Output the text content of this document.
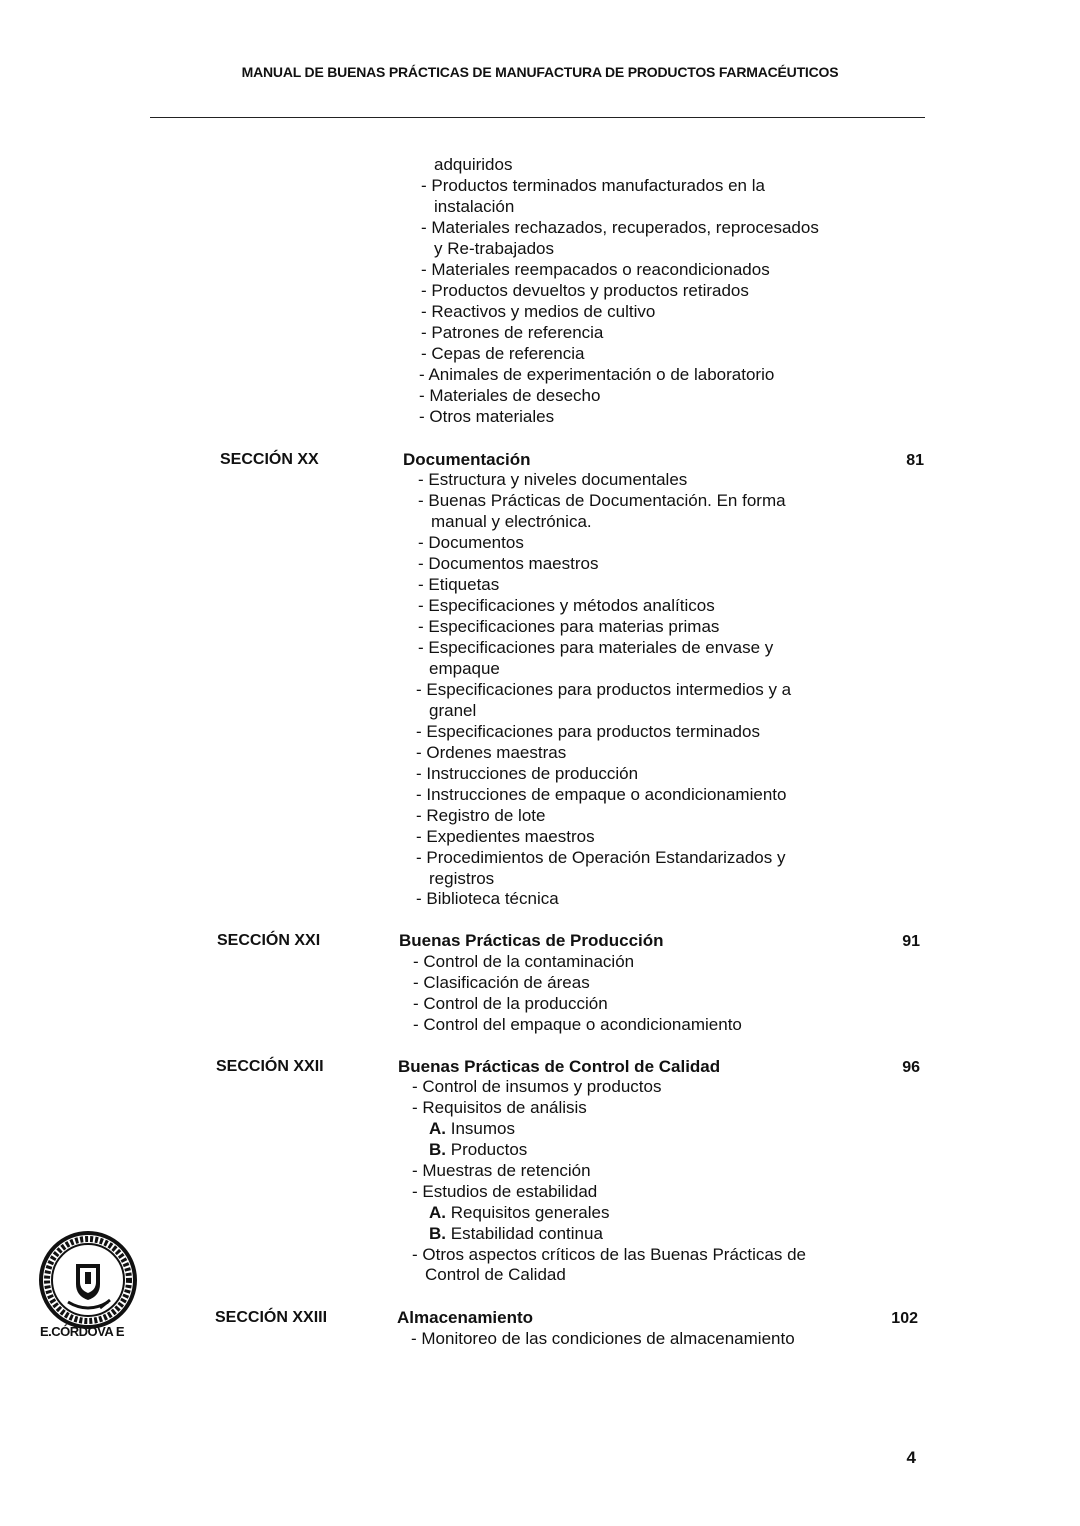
MANUAL DE BUENAS PRÁCTICAS DE MANUFACTURA DE PRODUCTOS FARMACÉUTICOS
adquiridos
- Productos terminados manufacturados en la
instalación
- Materiales rechazados, recuperados, reprocesados
y Re-trabajados
- Materiales reempacados o reacondicionados
- Productos devueltos y productos retirados
- Reactivos y medios de cultivo
- Patrones de referencia
- Cepas de referencia
- Animales de experimentación o de laboratorio
- Materiales de desecho
- Otros materiales
SECCIÓN XX	Documentación	81
- Estructura y niveles documentales
- Buenas Prácticas de Documentación. En forma
manual y electrónica.
- Documentos
- Documentos maestros
- Etiquetas
- Especificaciones y métodos analíticos
- Especificaciones para materias primas
- Especificaciones para materiales de envase y
empaque
- Especificaciones para productos intermedios y a
granel
- Especificaciones para productos terminados
- Ordenes maestras
- Instrucciones de producción
- Instrucciones de empaque o acondicionamiento
- Registro de lote
- Expedientes maestros
- Procedimientos de Operación Estandarizados y
registros
- Biblioteca técnica
SECCIÓN XXI	Buenas Prácticas de Producción	91
- Control de la contaminación
- Clasificación de áreas
- Control de la producción
- Control del empaque o acondicionamiento
SECCIÓN XXII	Buenas Prácticas de Control de Calidad	96
- Control de insumos y productos
- Requisitos de análisis
A. Insumos
B. Productos
- Muestras de retención
- Estudios de estabilidad
A. Requisitos generales
B. Estabilidad continua
- Otros aspectos críticos de las Buenas Prácticas de
Control de Calidad
SECCIÓN XXIII	Almacenamiento	102
- Monitoreo de las condiciones de almacenamiento
E.CÓRDOVA E
4
